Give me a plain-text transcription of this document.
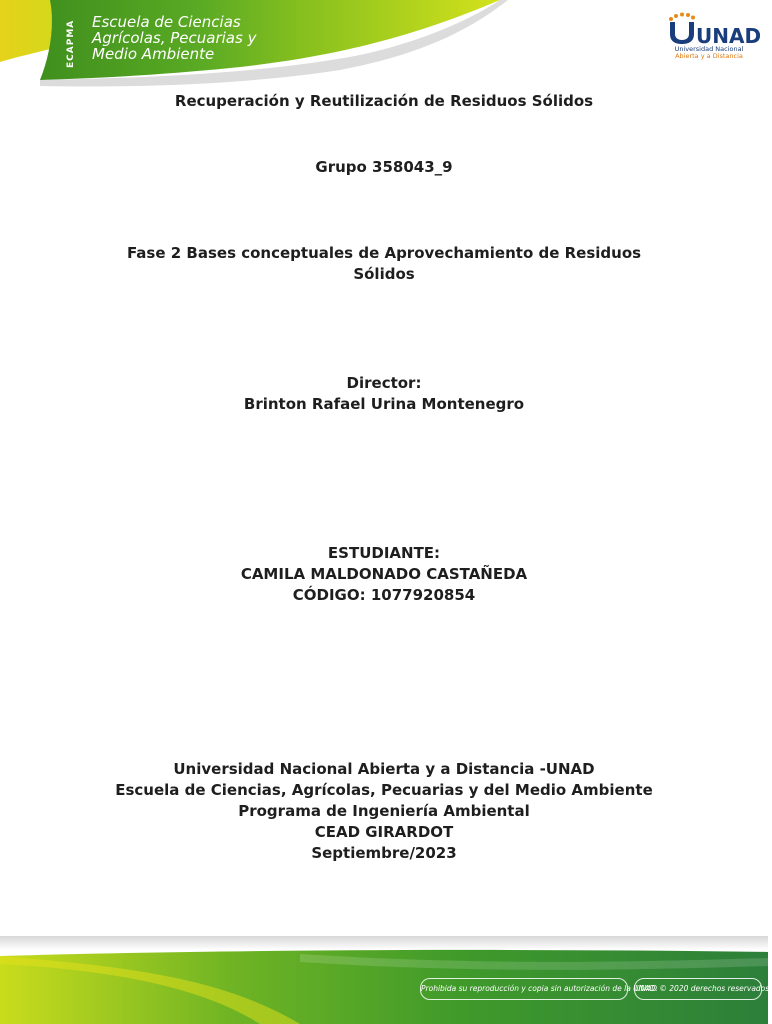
ECAPMA	Escuela de Ciencias
Agrícolas, Pecuarias y
Medio Ambiente
UNAD
Universidad Nacional
Abierta y a Distancia
Recuperación y Reutilización de Residuos Sólidos
Grupo 358043_9
Fase 2 Bases conceptuales de Aprovechamiento de Residuos
Sólidos
Director:
Brinton Rafael Urina Montenegro
ESTUDIANTE:
CAMILA MALDONADO CASTAÑEDA
CÓDIGO: 1077920854
Universidad Nacional Abierta y a Distancia -UNAD
Escuela de Ciencias, Agrícolas, Pecuarias y del Medio Ambiente
Programa de Ingeniería Ambiental
CEAD GIRARDOT
Septiembre/2023
Prohibida su reproducción y copia sin autorización de la UNAD.
UNAD © 2020 derechos reservados.
